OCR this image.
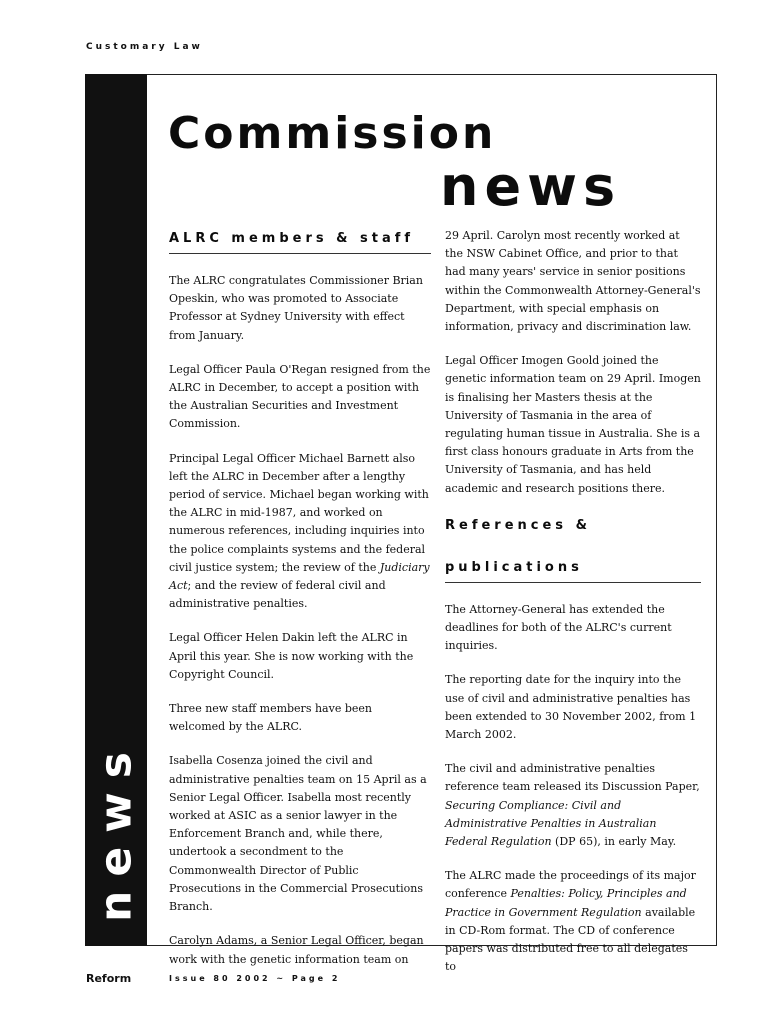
Customary Law
news
Commission
news
ALRC members & staff

The ALRC congratulates Commissioner Brian Opeskin, who was promoted to Associate Professor at Sydney University with effect from January.

Legal Officer Paula O'Regan resigned from the ALRC in December, to accept a position with the Australian Securities and Investment Commission.

Principal Legal Officer Michael Barnett also left the ALRC in December after a lengthy period of service. Michael began working with the ALRC in mid-1987, and worked on numerous references, including inquiries into the police complaints systems and the federal civil justice system; the review of the Judiciary Act; and the review of federal civil and administrative penalties.

Legal Officer Helen Dakin left the ALRC in April this year. She is now working with the Copyright Council.

Three new staff members have been welcomed by the ALRC.

Isabella Cosenza joined the civil and administrative penalties team on 15 April as a Senior Legal Officer. Isabella most recently worked at ASIC as a senior lawyer in the Enforcement Branch and, while there, undertook a secondment to the Commonwealth Director of Public Prosecutions in the Commercial Prosecutions Branch.

Carolyn Adams, a Senior Legal Officer, began work with the genetic information team on

29 April. Carolyn most recently worked at the NSW Cabinet Office, and prior to that had many years' service in senior positions within the Commonwealth Attorney-General's Department, with special emphasis on information, privacy and discrimination law.

Legal Officer Imogen Goold joined the genetic information team on 29 April. Imogen is finalising her Masters thesis at the University of Tasmania in the area of regulating human tissue in Australia. She is a first class honours graduate in Arts from the University of Tasmania, and has held academic and research positions there.

References &
publications

The Attorney-General has extended the deadlines for both of the ALRC's current inquiries.

The reporting date for the inquiry into the use of civil and administrative penalties has been extended to 30 November 2002, from 1 March 2002.

The civil and administrative penalties reference team released its Discussion Paper, Securing Compliance: Civil and Administrative Penalties in Australian Federal Regulation (DP 65), in early May.

The ALRC made the proceedings of its major conference Penalties: Policy, Principles and Practice in Government Regulation available in CD-Rom format. The CD of conference papers was distributed free to all delegates to

Reform	Issue 80 2002 ~ Page 2
